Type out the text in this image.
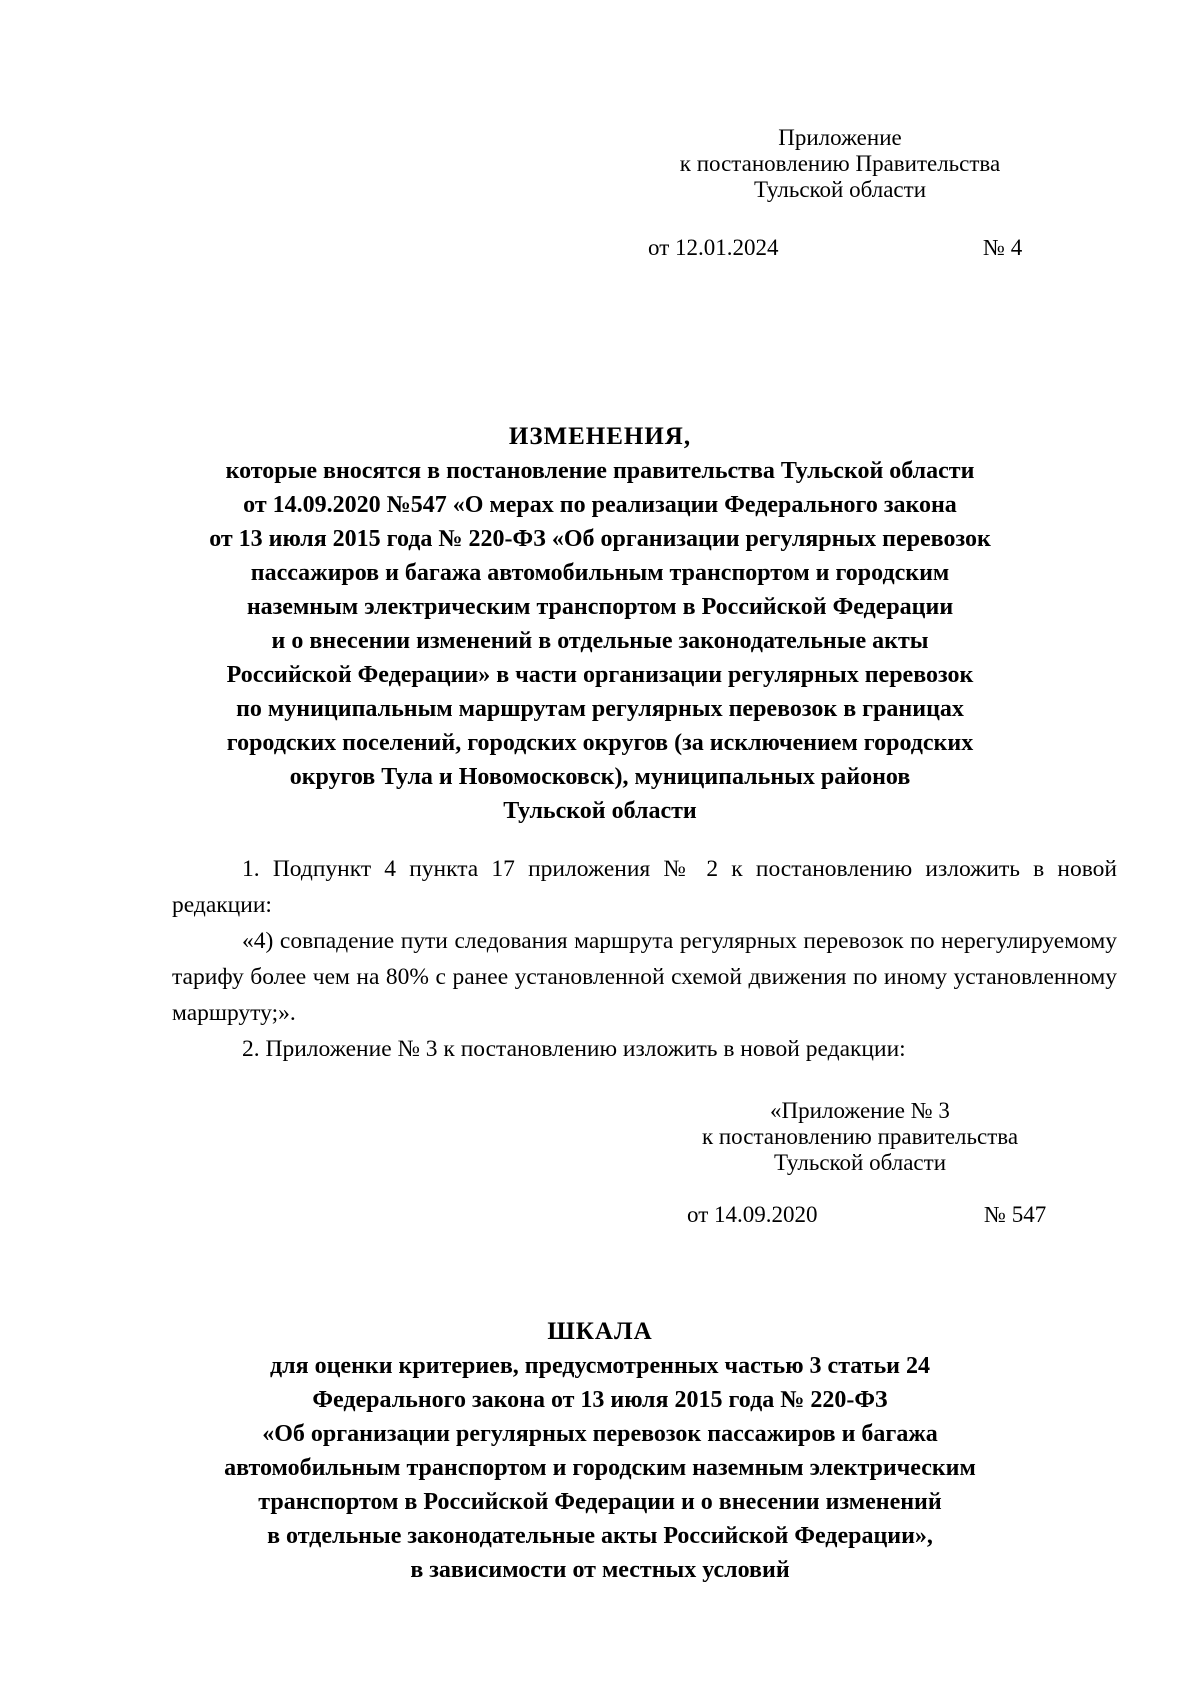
Приложение
к постановлению Правительства
Тульской области
от 12.01.2024	№ 4
ИЗМЕНЕНИЯ,
которые вносятся в постановление правительства Тульской области
от 14.09.2020 №547 «О мерах по реализации Федерального закона
от 13 июля 2015 года № 220-ФЗ «Об организации регулярных перевозок
пассажиров и багажа автомобильным транспортом и городским
наземным электрическим транспортом в Российской Федерации
и о внесении изменений в отдельные законодательные акты
Российской Федерации» в части организации регулярных перевозок
по муниципальным маршрутам регулярных перевозок в границах
городских поселений, городских округов (за исключением городских
округов Тула и Новомосковск), муниципальных районов
Тульской области

1. Подпункт 4 пункта 17 приложения № 2 к постановлению изложить в новой редакции:

«4) совпадение пути следования маршрута регулярных перевозок по нерегулируемому тарифу более чем на 80% с ранее установленной схемой движения по иному установленному маршруту;».

2. Приложение № 3 к постановлению изложить в новой редакции:

«Приложение № 3
к постановлению правительства
Тульской области
от 14.09.2020	№ 547
ШКАЛА
для оценки критериев, предусмотренных частью 3 статьи 24
Федерального закона от 13 июля 2015 года № 220-ФЗ
«Об организации регулярных перевозок пассажиров и багажа
автомобильным транспортом и городским наземным электрическим
транспортом в Российской Федерации и о внесении изменений
в отдельные законодательные акты Российской Федерации»,
в зависимости от местных условий
